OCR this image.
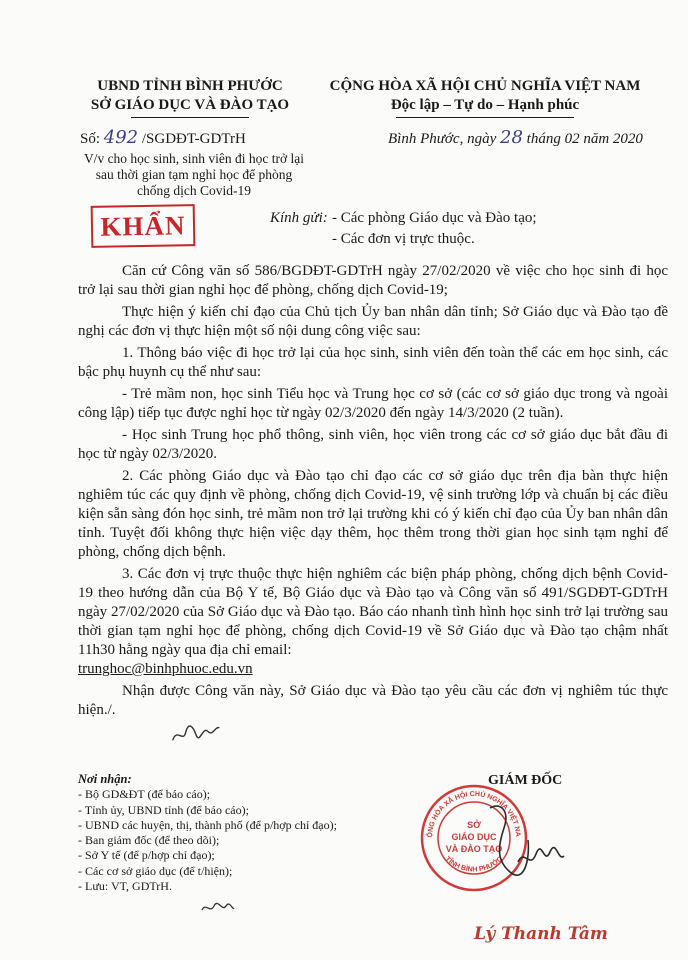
UBND TỈNH BÌNH PHƯỚC
SỞ GIÁO DỤC VÀ ĐÀO TẠO
CỘNG HÒA XÃ HỘI CHỦ NGHĨA VIỆT NAM
Độc lập – Tự do – Hạnh phúc
Số: 492 /SGDĐT-GDTrH	Bình Phước, ngày 28 tháng 02 năm 2020
V/v cho học sinh, sinh viên đi học trở lại
sau thời gian tạm nghỉ học để phòng
chống dịch Covid-19
KHẨN	Kính gửi: - Các phòng Giáo dục và Đào tạo;
- Các đơn vị trực thuộc.

Căn cứ Công văn số 586/BGDĐT-GDTrH ngày 27/02/2020 về việc cho học sinh đi học trở lại sau thời gian nghỉ học để phòng, chống dịch Covid-19;

Thực hiện ý kiến chỉ đạo của Chủ tịch Ủy ban nhân dân tỉnh; Sở Giáo dục và Đào tạo đề nghị các đơn vị thực hiện một số nội dung công việc sau:

1. Thông báo việc đi học trở lại của học sinh, sinh viên đến toàn thể các em học sinh, các bậc phụ huynh cụ thể như sau:

- Trẻ mầm non, học sinh Tiểu học và Trung học cơ sở (các cơ sở giáo dục trong và ngoài công lập) tiếp tục được nghỉ học từ ngày 02/3/2020 đến ngày 14/3/2020 (2 tuần).

- Học sinh Trung học phổ thông, sinh viên, học viên trong các cơ sở giáo dục bắt đầu đi học từ ngày 02/3/2020.

2. Các phòng Giáo dục và Đào tạo chỉ đạo các cơ sở giáo dục trên địa bàn thực hiện nghiêm túc các quy định về phòng, chống dịch Covid-19, vệ sinh trường lớp và chuẩn bị các điều kiện sẵn sàng đón học sinh, trẻ mầm non trở lại trường khi có ý kiến chỉ đạo của Ủy ban nhân dân tỉnh. Tuyệt đối không thực hiện việc dạy thêm, học thêm trong thời gian học sinh tạm nghỉ để phòng, chống dịch bệnh.

3. Các đơn vị trực thuộc thực hiện nghiêm các biện pháp phòng, chống dịch bệnh Covid-19 theo hướng dẫn của Bộ Y tế, Bộ Giáo dục và Đào tạo và Công văn số 491/SGDĐT-GDTrH ngày 27/02/2020 của Sở Giáo dục và Đào tạo. Báo cáo nhanh tình hình học sinh trở lại trường sau thời gian tạm nghỉ học để phòng, chống dịch Covid-19 về Sở Giáo dục và Đào tạo chậm nhất 11h30 hằng ngày qua địa chỉ email:

trunghoc@binhphuoc.edu.vn

Nhận được Công văn này, Sở Giáo dục và Đào tạo yêu cầu các đơn vị nghiêm túc thực hiện./.

Nơi nhận:
- Bộ GD&ĐT (để báo cáo);
- Tỉnh ủy, UBND tỉnh (để báo cáo);
- UBND các huyện, thị, thành phố (để p/hợp chỉ đạo);
- Ban giám đốc (để theo dõi);
- Sở Y tế (để p/hợp chỉ đạo);
- Các cơ sở giáo dục (để t/hiện);
- Lưu: VT, GDTrH.
ỘNG HÒA XÃ HỘI CHỦ NGHĨA VIỆT NA
TỈNH BÌNH PHƯỚC
SỞ
GIÁO DỤC
VÀ ĐÀO TẠO
GIÁM ĐỐC
Lý Thanh Tâm
